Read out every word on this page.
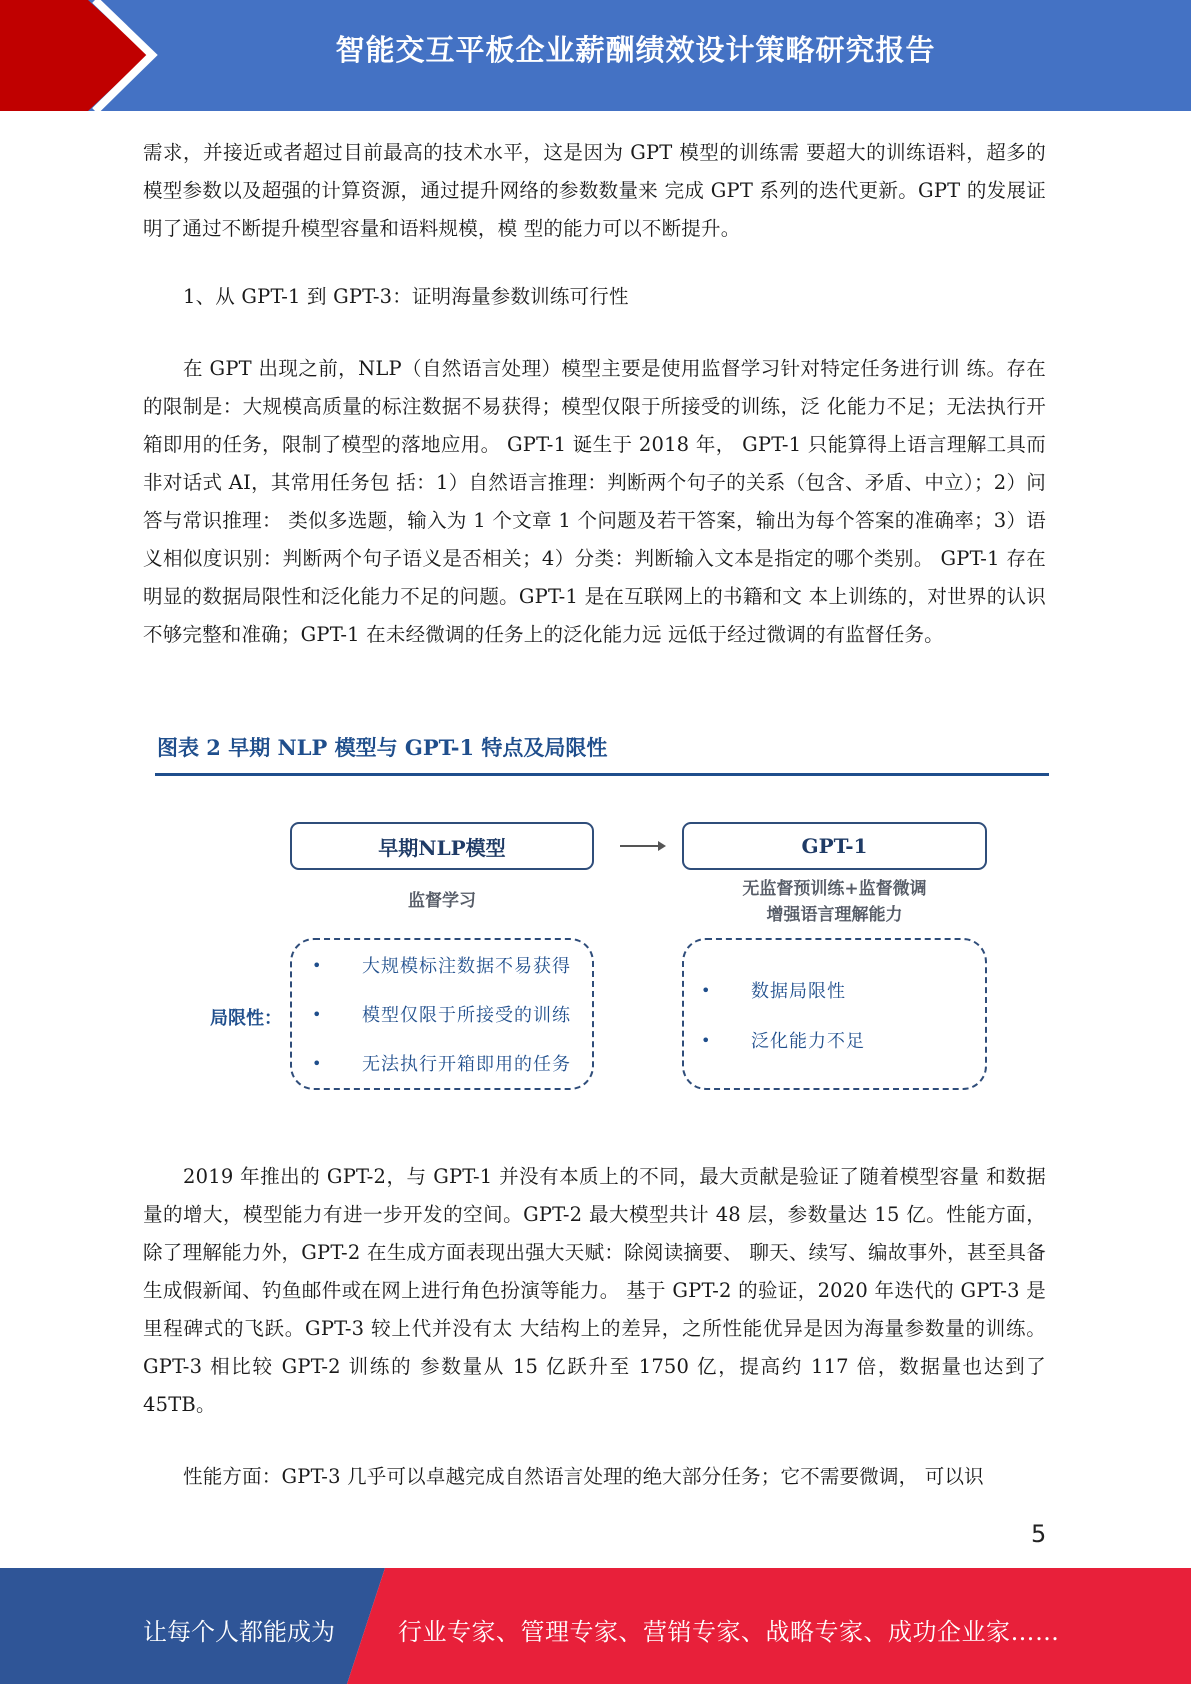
智能交互平板企业薪酬绩效设计策略研究报告

需求，并接近或者超过目前最高的技术水平，这是因为 GPT 模型的训练需 要超大的训练语料，超多的模型参数以及超强的计算资源，通过提升网络的参数数量来 完成 GPT 系列的迭代更新。GPT 的发展证明了通过不断提升模型容量和语料规模，模 型的能力可以不断提升。

1、从 GPT-1 到 GPT-3：证明海量参数训练可行性

在 GPT 出现之前，NLP（自然语言处理）模型主要是使用监督学习针对特定任务进行训 练。存在的限制是：大规模高质量的标注数据不易获得；模型仅限于所接受的训练，泛 化能力不足；无法执行开箱即用的任务，限制了模型的落地应用。 GPT-1 诞生于 2018 年， GPT-1 只能算得上语言理解工具而非对话式 AI，其常用任务包 括：1）自然语言推理：判断两个句子的关系（包含、矛盾、中立）；2）问答与常识推理： 类似多选题，输入为 1 个文章 1 个问题及若干答案，输出为每个答案的准确率；3）语义相似度识别：判断两个句子语义是否相关；4）分类：判断输入文本是指定的哪个类别。 GPT-1 存在明显的数据局限性和泛化能力不足的问题。GPT-1 是在互联网上的书籍和文 本上训练的，对世界的认识不够完整和准确；GPT-1 在未经微调的任务上的泛化能力远 远低于经过微调的有监督任务。

图表 2 早期 NLP 模型与 GPT-1 特点及局限性
早期NLP模型	GPT-1
监督学习
无监督预训练+监督微调
增强语言理解能力
局限性：
•	大规模标注数据不易获得
•	模型仅限于所接受的训练
•	无法执行开箱即用的任务
•	数据局限性
•	泛化能力不足

2019 年推出的 GPT-2，与 GPT-1 并没有本质上的不同，最大贡献是验证了随着模型容量 和数据量的增大，模型能力有进一步开发的空间。GPT-2 最大模型共计 48 层，参数量达 15 亿。性能方面，除了理解能力外，GPT-2 在生成方面表现出强大天赋：除阅读摘要、 聊天、续写、编故事外，甚至具备生成假新闻、钓鱼邮件或在网上进行角色扮演等能力。 基于 GPT-2 的验证，2020 年迭代的 GPT-3 是里程碑式的飞跃。GPT-3 较上代并没有太 大结构上的差异，之所性能优异是因为海量参数量的训练。GPT-3 相比较 GPT-2 训练的 参数量从 15 亿跃升至 1750 亿，提高约 117 倍，数据量也达到了 45TB。

性能方面：GPT-3 几乎可以卓越完成自然语言处理的绝大部分任务；它不需要微调， 可以识

5
让每个人都能成为	行业专家、管理专家、营销专家、战略专家、成功企业家……
